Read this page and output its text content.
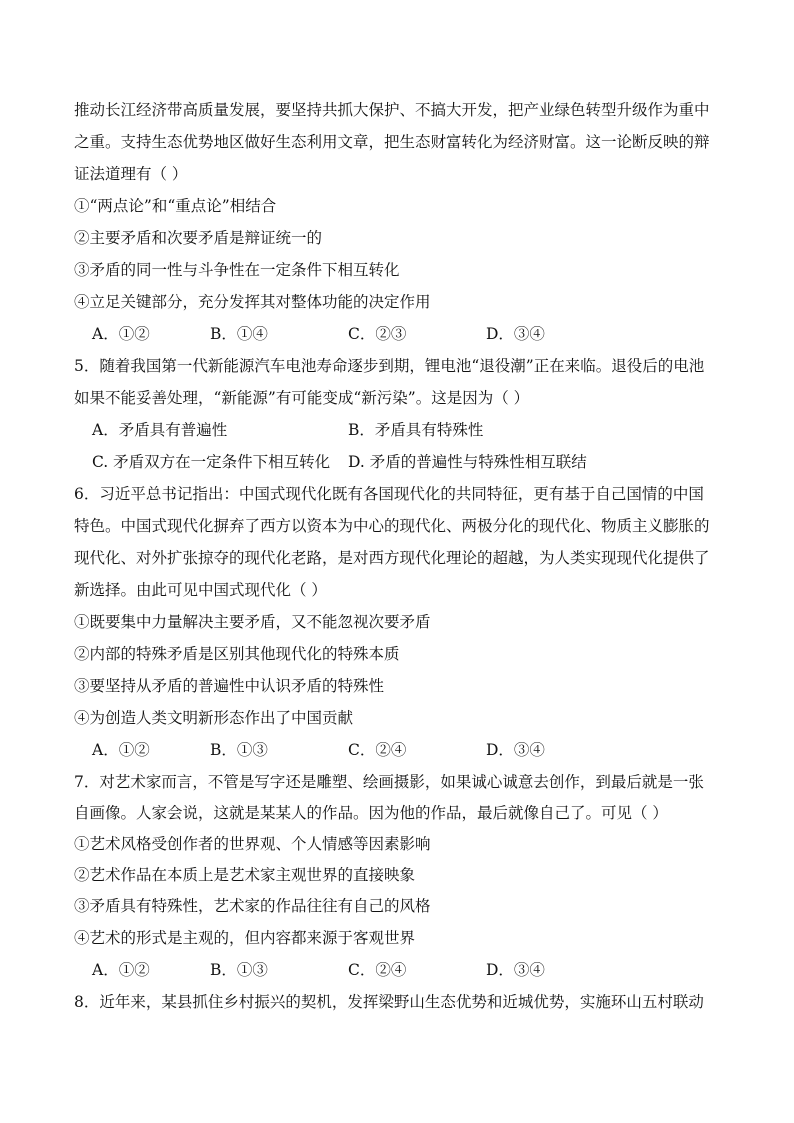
推动长江经济带高质量发展，要坚持共抓大保护、不搞大开发，把产业绿色转型升级作为重中
之重。支持生态优势地区做好生态利用文章，把生态财富转化为经济财富。这一论断反映的辩
证法道理有（ ）
①“两点论”和“重点论”相结合
②主要矛盾和次要矛盾是辩证统一的
③矛盾的同一性与斗争性在一定条件下相互转化
④立足关键部分，充分发挥其对整体功能的决定作用
A．①②	B．①④	C．②③	D．③④
5．随着我国第一代新能源汽车电池寿命逐步到期，锂电池“退役潮”正在来临。退役后的电池
如果不能妥善处理，“新能源”有可能变成“新污染”。这是因为（ ）
A．矛盾具有普遍性	B．矛盾具有特殊性
C. 矛盾双方在一定条件下相互转化 D. 矛盾的普遍性与特殊性相互联结
6．习近平总书记指出：中国式现代化既有各国现代化的共同特征，更有基于自己国情的中国
特色。中国式现代化摒弃了西方以资本为中心的现代化、两极分化的现代化、物质主义膨胀的
现代化、对外扩张掠夺的现代化老路，是对西方现代化理论的超越，为人类实现现代化提供了
新选择。由此可见中国式现代化（ ）
①既要集中力量解决主要矛盾，又不能忽视次要矛盾
②内部的特殊矛盾是区别其他现代化的特殊本质
③要坚持从矛盾的普遍性中认识矛盾的特殊性
④为创造人类文明新形态作出了中国贡献
A．①②	B．①③	C．②④	D．③④
7．对艺术家而言，不管是写字还是雕塑、绘画摄影，如果诚心诚意去创作，到最后就是一张
自画像。人家会说，这就是某某人的作品。因为他的作品，最后就像自己了。可见（ ）
①艺术风格受创作者的世界观、个人情感等因素影响
②艺术作品在本质上是艺术家主观世界的直接映象
③矛盾具有特殊性，艺术家的作品往往有自己的风格
④艺术的形式是主观的，但内容都来源于客观世界
A．①②	B．①③	C．②④	D．③④
8．近年来，某县抓住乡村振兴的契机，发挥梁野山生态优势和近城优势，实施环山五村联动
